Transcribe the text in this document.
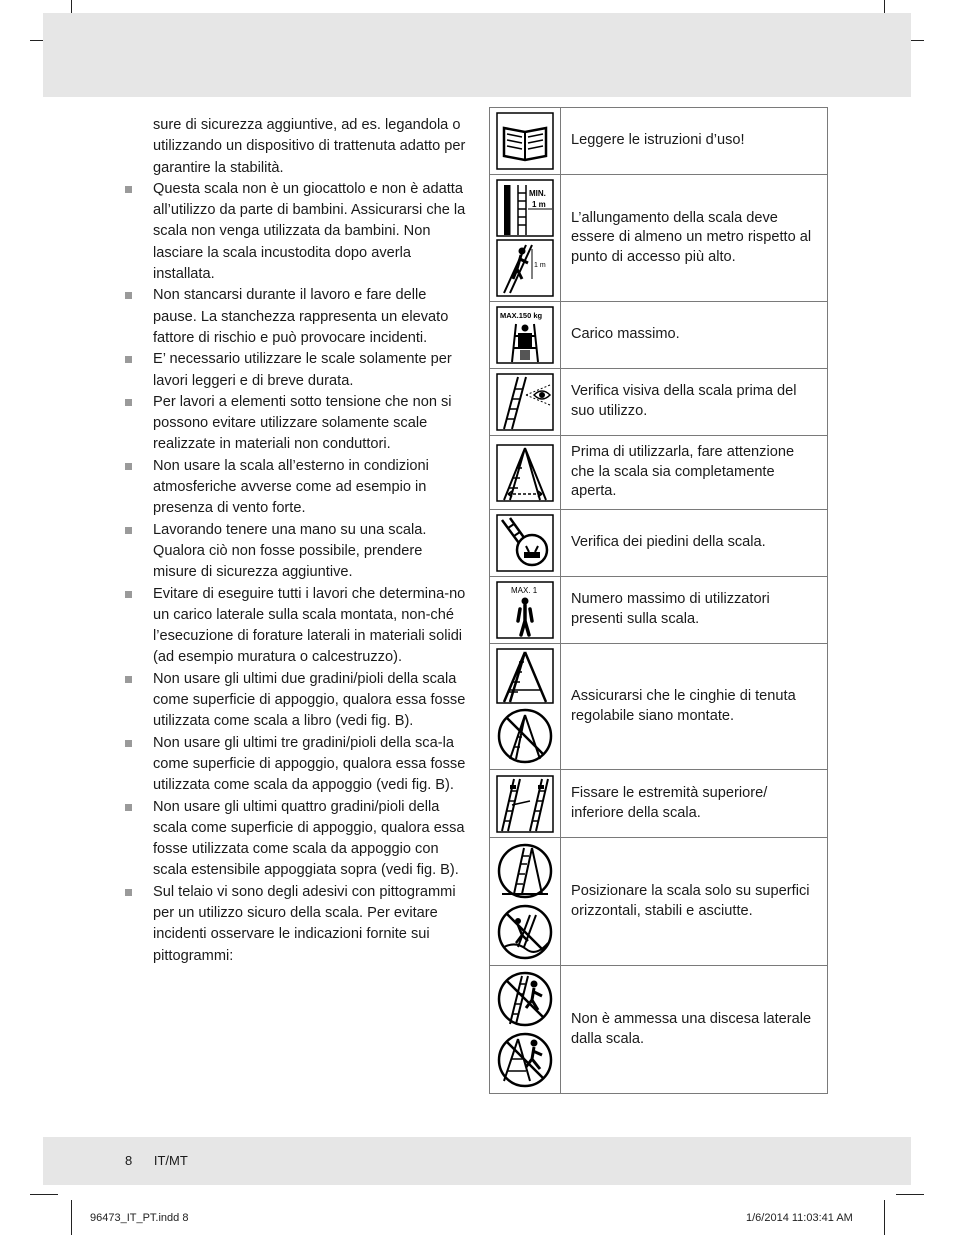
sure di sicurezza aggiuntive, ad es. legandola o utilizzando un dispositivo di trattenuta adatto per garantire la stabilità.

Questa scala non è un giocattolo e non è adatta all’utilizzo da parte di bambini. Assicurarsi che la scala non venga utilizzata da bambini. Non lasciare la scala incustodita dopo averla installata.

Non stancarsi durante il lavoro e fare delle pause. La stanchezza rappresenta un elevato fattore di rischio e può provocare incidenti.

E’ necessario utilizzare le scale solamente per lavori leggeri e di breve durata.

Per lavori a elementi sotto tensione che non si possono evitare utilizzare solamente scale realizzate in materiali non conduttori.

Non usare la scala all’esterno in condizioni atmosferiche avverse come ad esempio in presenza di vento forte.

Lavorando tenere una mano su una scala. Qualora ciò non fosse possibile, prendere misure di sicurezza aggiuntive.

Evitare di eseguire tutti i lavori che determina-no un carico laterale sulla scala montata, non-ché l’esecuzione di forature laterali in materiali solidi (ad esempio muratura o calcestruzzo).

Non usare gli ultimi due gradini/pioli della scala come superficie di appoggio, qualora essa fosse utilizzata come scala a libro (vedi fig. B).

Non usare gli ultimi tre gradini/pioli della sca-la come superficie di appoggio, qualora essa fosse utilizzata come scala da appoggio (vedi fig. B).

Non usare gli ultimi quattro gradini/pioli della scala come superficie di appoggio, qualora essa fosse utilizzata come scala da appoggio con scala estensibile appoggiata sopra (vedi fig. B).

Sul telaio vi sono degli adesivi con pittogrammi per un utilizzo sicuro della scala. Per evitare incidenti osservare le indicazioni fornite sui pittogrammi:

	Leggere le istruzioni d’uso!

MIN.
1 m
1 m	L’allungamento della scala deve essere di almeno un metro rispetto al punto di accesso più alto.

MAX.150 kg	Carico massimo.

	Verifica visiva della scala prima del suo utilizzo.

	Prima di utilizzarla, fare attenzione che la scala sia completamente aperta.

	Verifica dei piedini della scala.

MAX. 1	Numero massimo di utilizzatori presenti sulla scala.

	Assicurarsi che le cinghie di tenuta regolabile siano montate.

	Fissare le estremità superiore/ inferiore della scala.

	Posizionare la scala solo su superfici orizzontali, stabili e asciutte.

	Non è ammessa una discesa laterale dalla scala.
8 IT/MT
96473_IT_PT.indd 8	1/6/2014 11:03:41 AM
